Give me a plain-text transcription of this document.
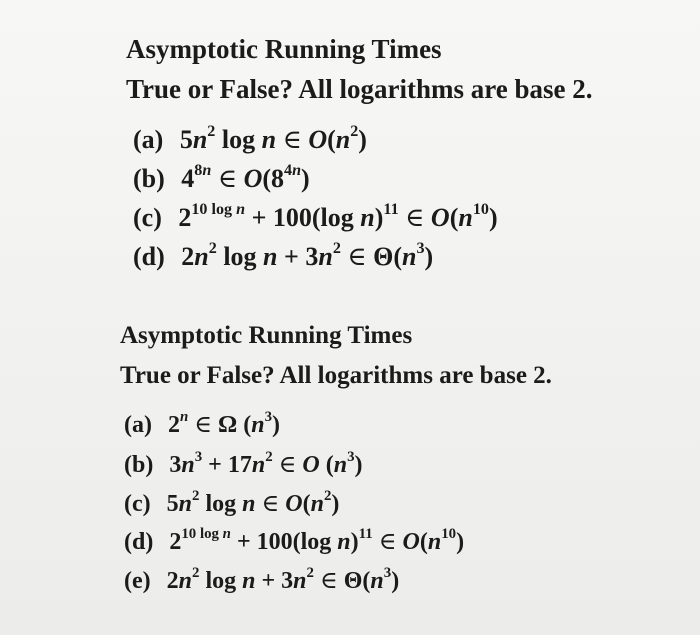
Asymptotic Running Times
True or False? All logarithms are base 2.
(a) $5n^2$ log n ∈ $O(n^2)$
(b) $4^{8n}$ ∈ $O(8^{4n})$
(c) $2^{10 log n} + 100(\log$ n)$^{11}$ ∈ $O(n^{10})$
(d) $2n^2$ $\log n + 3n^2$ ∈ $\Theta(n^3)$
Asymptotic Running Times
True or False? All logarithms are base 2.
(a) 2$^n$ ∈ Ω $(n^3)$
(b) $3n^3 + 17n^2$ ∈ O $(n^3)$
(c) $5n^2$ log n ∈ $O(n^2)$
(d) $2^{10 log n} + 100(\log$ n)$^{11}$ ∈ $O(n^{10})$
(e) $2n^2$ $\log n + 3n^2$ ∈ $\Theta(n^3)$
